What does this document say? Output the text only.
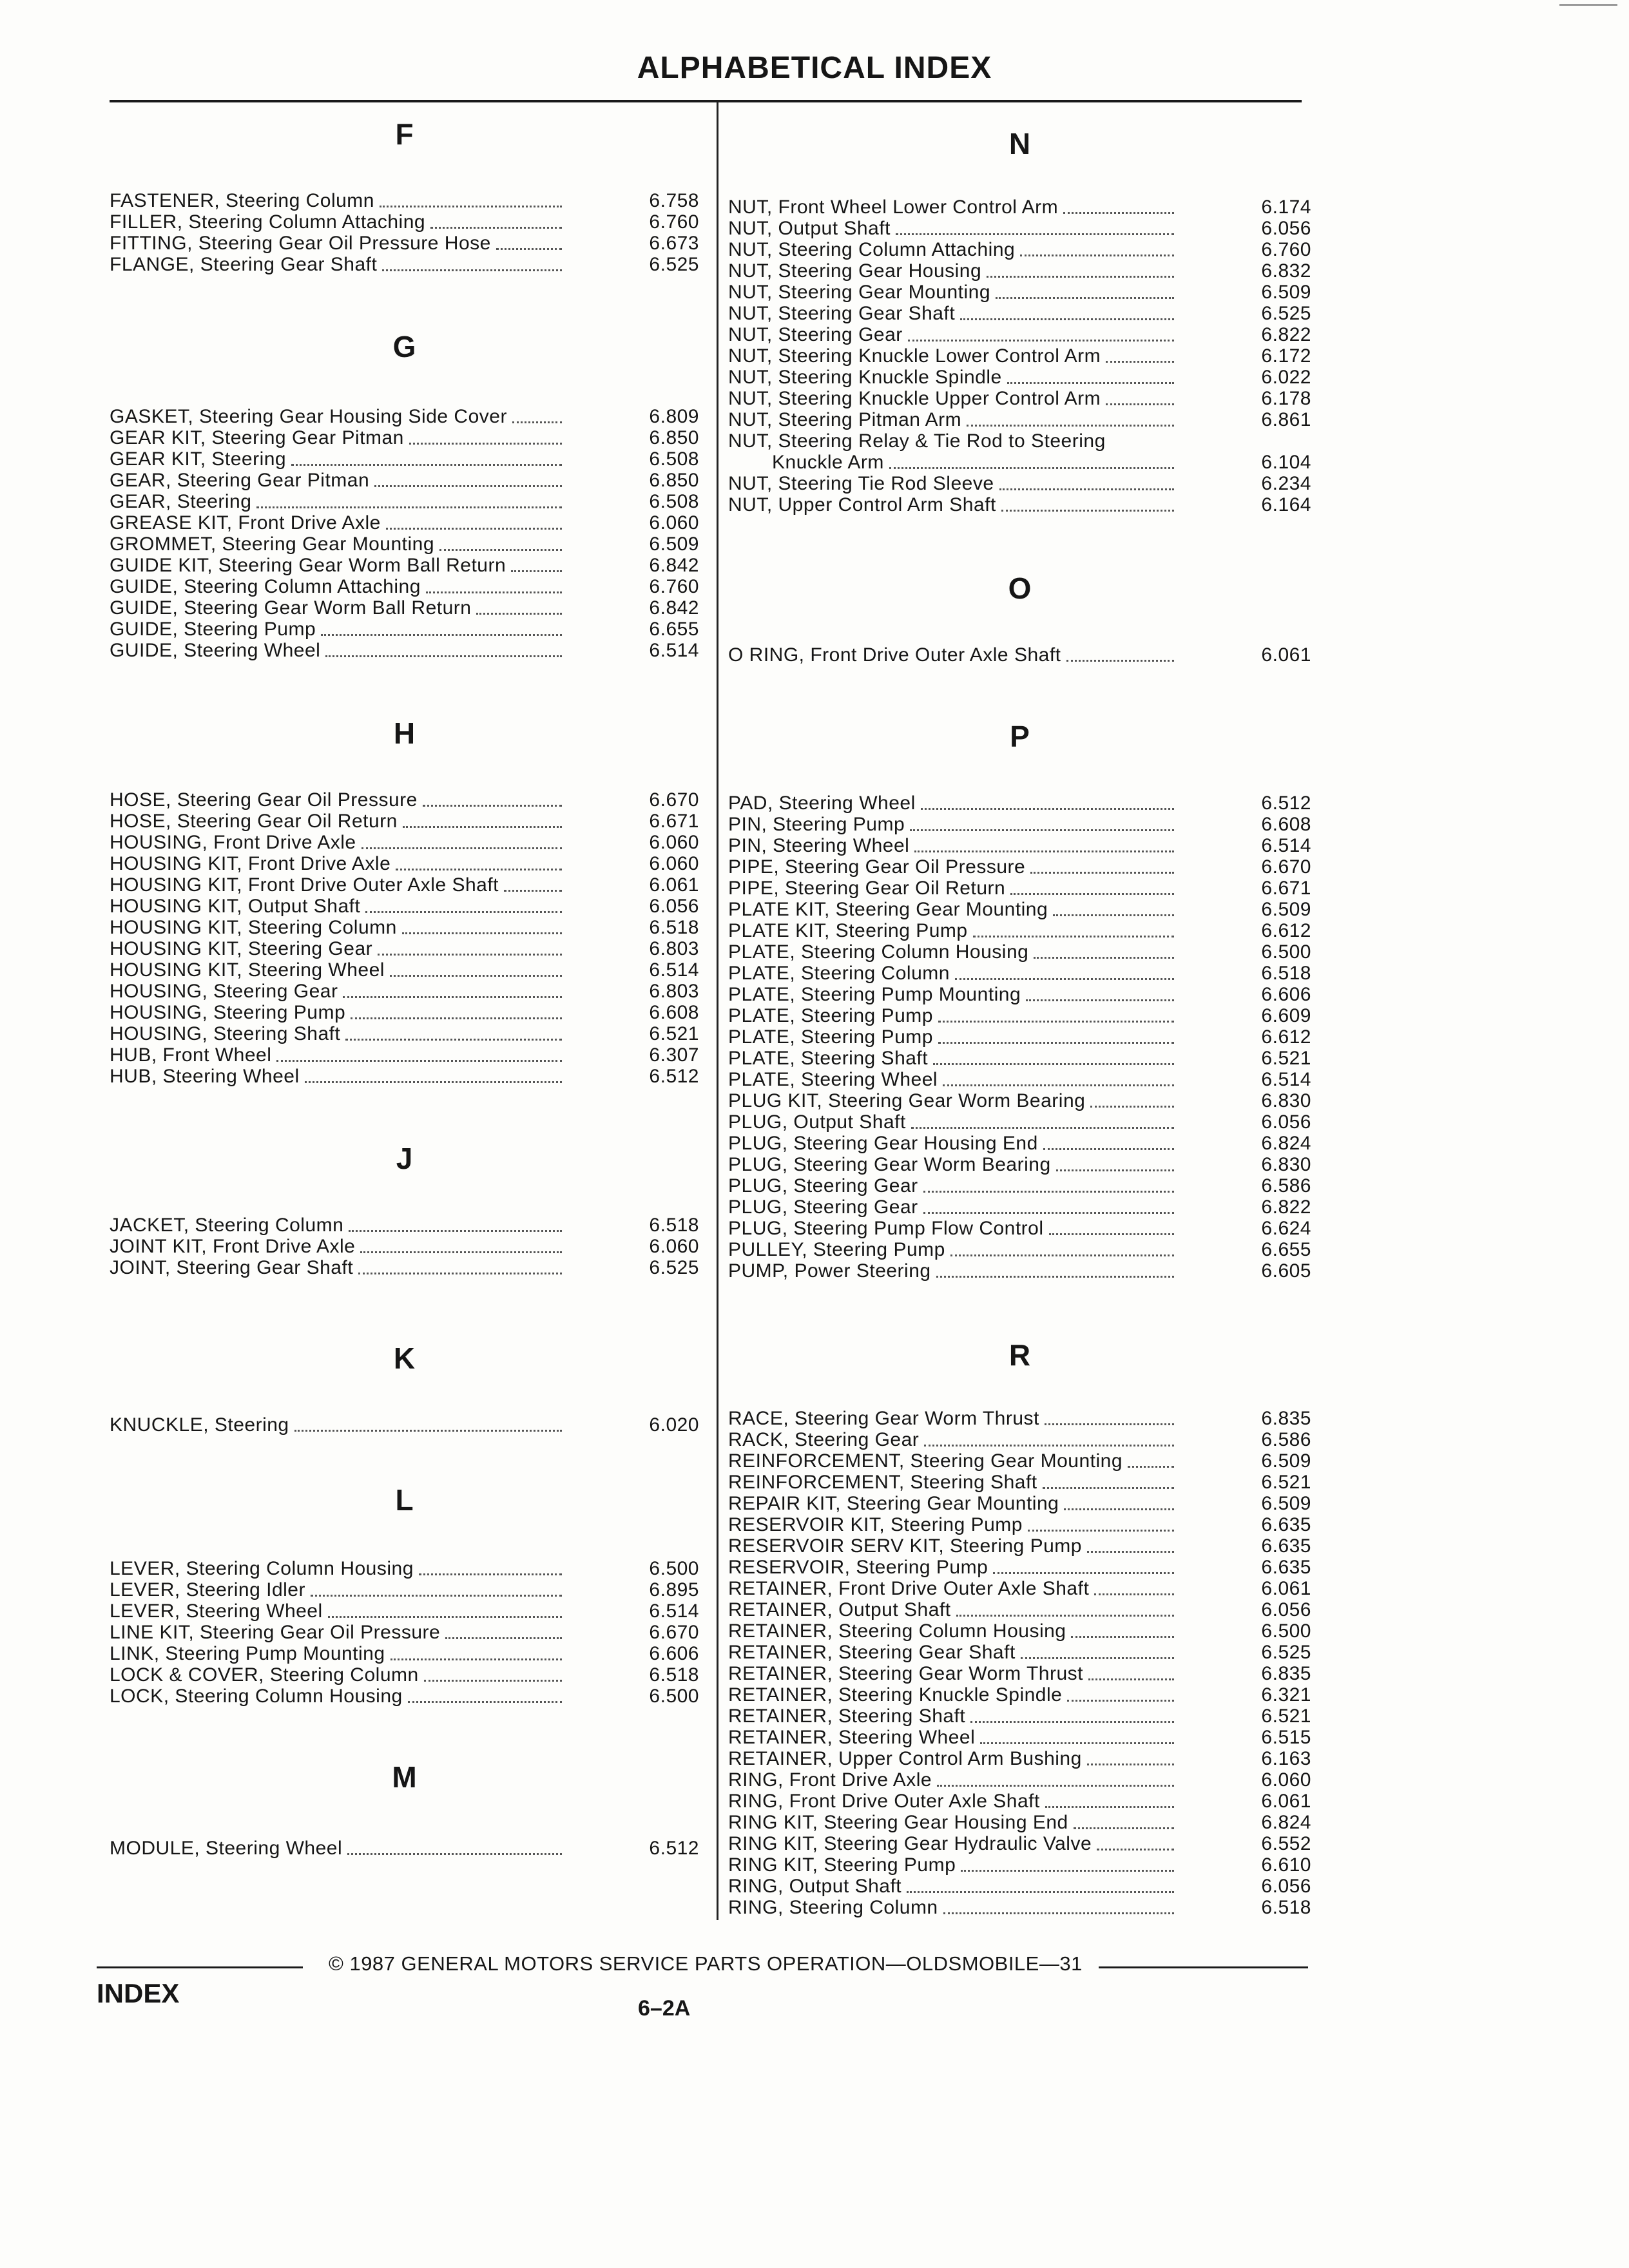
ALPHABETICAL INDEX
F
FASTENER, Steering Column	6.758
FILLER, Steering Column Attaching	6.760
FITTING, Steering Gear Oil Pressure Hose	6.673
FLANGE, Steering Gear Shaft	6.525
G
GASKET, Steering Gear Housing Side Cover	6.809
GEAR KIT, Steering Gear Pitman	6.850
GEAR KIT, Steering	6.508
GEAR, Steering Gear Pitman	6.850
GEAR, Steering	6.508
GREASE KIT, Front Drive Axle	6.060
GROMMET, Steering Gear Mounting	6.509
GUIDE KIT, Steering Gear Worm Ball Return	6.842
GUIDE, Steering Column Attaching	6.760
GUIDE, Steering Gear Worm Ball Return	6.842
GUIDE, Steering Pump	6.655
GUIDE, Steering Wheel	6.514
H
HOSE, Steering Gear Oil Pressure	6.670
HOSE, Steering Gear Oil Return	6.671
HOUSING, Front Drive Axle	6.060
HOUSING KIT, Front Drive Axle	6.060
HOUSING KIT, Front Drive Outer Axle Shaft	6.061
HOUSING KIT, Output Shaft	6.056
HOUSING KIT, Steering Column	6.518
HOUSING KIT, Steering Gear	6.803
HOUSING KIT, Steering Wheel	6.514
HOUSING, Steering Gear	6.803
HOUSING, Steering Pump	6.608
HOUSING, Steering Shaft	6.521
HUB, Front Wheel	6.307
HUB, Steering Wheel	6.512
J
JACKET, Steering Column	6.518
JOINT KIT, Front Drive Axle	6.060
JOINT, Steering Gear Shaft	6.525
K
KNUCKLE, Steering	6.020
L
LEVER, Steering Column Housing	6.500
LEVER, Steering Idler	6.895
LEVER, Steering Wheel	6.514
LINE KIT, Steering Gear Oil Pressure	6.670
LINK, Steering Pump Mounting	6.606
LOCK & COVER, Steering Column	6.518
LOCK, Steering Column Housing	6.500
M
MODULE, Steering Wheel	6.512
N
NUT, Front Wheel Lower Control Arm	6.174
NUT, Output Shaft	6.056
NUT, Steering Column Attaching	6.760
NUT, Steering Gear Housing	6.832
NUT, Steering Gear Mounting	6.509
NUT, Steering Gear Shaft	6.525
NUT, Steering Gear	6.822
NUT, Steering Knuckle Lower Control Arm	6.172
NUT, Steering Knuckle Spindle	6.022
NUT, Steering Knuckle Upper Control Arm	6.178
NUT, Steering Pitman Arm	6.861
NUT, Steering Relay & Tie Rod to Steering
Knuckle Arm	6.104
NUT, Steering Tie Rod Sleeve	6.234
NUT, Upper Control Arm Shaft	6.164
O
O RING, Front Drive Outer Axle Shaft	6.061
P
PAD, Steering Wheel	6.512
PIN, Steering Pump	6.608
PIN, Steering Wheel	6.514
PIPE, Steering Gear Oil Pressure	6.670
PIPE, Steering Gear Oil Return	6.671
PLATE KIT, Steering Gear Mounting	6.509
PLATE KIT, Steering Pump	6.612
PLATE, Steering Column Housing	6.500
PLATE, Steering Column	6.518
PLATE, Steering Pump Mounting	6.606
PLATE, Steering Pump	6.609
PLATE, Steering Pump	6.612
PLATE, Steering Shaft	6.521
PLATE, Steering Wheel	6.514
PLUG KIT, Steering Gear Worm Bearing	6.830
PLUG, Output Shaft	6.056
PLUG, Steering Gear Housing End	6.824
PLUG, Steering Gear Worm Bearing	6.830
PLUG, Steering Gear	6.586
PLUG, Steering Gear	6.822
PLUG, Steering Pump Flow Control	6.624
PULLEY, Steering Pump	6.655
PUMP, Power Steering	6.605
R
RACE, Steering Gear Worm Thrust	6.835
RACK, Steering Gear	6.586
REINFORCEMENT, Steering Gear Mounting	6.509
REINFORCEMENT, Steering Shaft	6.521
REPAIR KIT, Steering Gear Mounting	6.509
RESERVOIR KIT, Steering Pump	6.635
RESERVOIR SERV KIT, Steering Pump	6.635
RESERVOIR, Steering Pump	6.635
RETAINER, Front Drive Outer Axle Shaft	6.061
RETAINER, Output Shaft	6.056
RETAINER, Steering Column Housing	6.500
RETAINER, Steering Gear Shaft	6.525
RETAINER, Steering Gear Worm Thrust	6.835
RETAINER, Steering Knuckle Spindle	6.321
RETAINER, Steering Shaft	6.521
RETAINER, Steering Wheel	6.515
RETAINER, Upper Control Arm Bushing	6.163
RING, Front Drive Axle	6.060
RING, Front Drive Outer Axle Shaft	6.061
RING KIT, Steering Gear Housing End	6.824
RING KIT, Steering Gear Hydraulic Valve	6.552
RING KIT, Steering Pump	6.610
RING, Output Shaft	6.056
RING, Steering Column	6.518
© 1987 GENERAL MOTORS SERVICE PARTS OPERATION—OLDSMOBILE—31
INDEX	6–2A
